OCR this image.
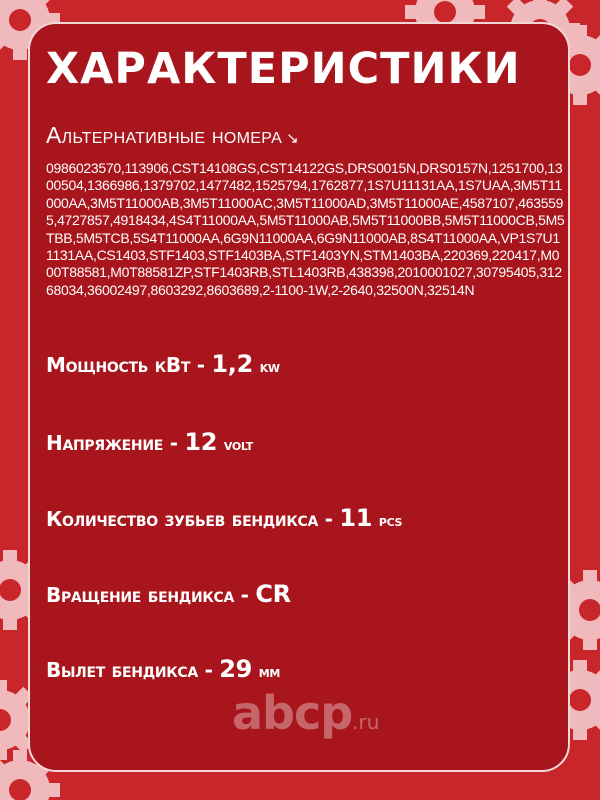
ХАРАКТЕРИСТИКИ
Альтернативные номера ↘
0986023570,113906,CST14108GS,CST14122GS,DRS0015N,DRS0157N,1251700,1300504,1366986,1379702,1477482,1525794,1762877,1S7U11131AA,1S7UAA,3M5T11000AA,3M5T11000AB,3M5T11000AC,3M5T11000AD,3M5T11000AE,4587107,4635595,4727857,4918434,4S4T11000AA,5M5T11000AB,5M5T11000BB,5M5T11000CB,5M5TBB,5M5TCB,5S4T11000AA,6G9N11000AA,6G9N11000AB,8S4T11000AA,VP1S7U11131AA,CS1403,STF1403,STF1403BA,STF1403YN,STM1403BA,220369,220417,M000T88581,M0T88581ZP,STF1403RB,STL1403RB,438398,2010001027,30795405,31268034,36002497,8603292,8603689,2-1100-1W,2-2640,32500N,32514N
Мощность кВт - 1,2 kw
Напряжение - 12 volt
Количество зубьев бендикса - 11 pcs
Вращение бендикса - CR
Вылет бендикса - 29 мм
abcp.ru
